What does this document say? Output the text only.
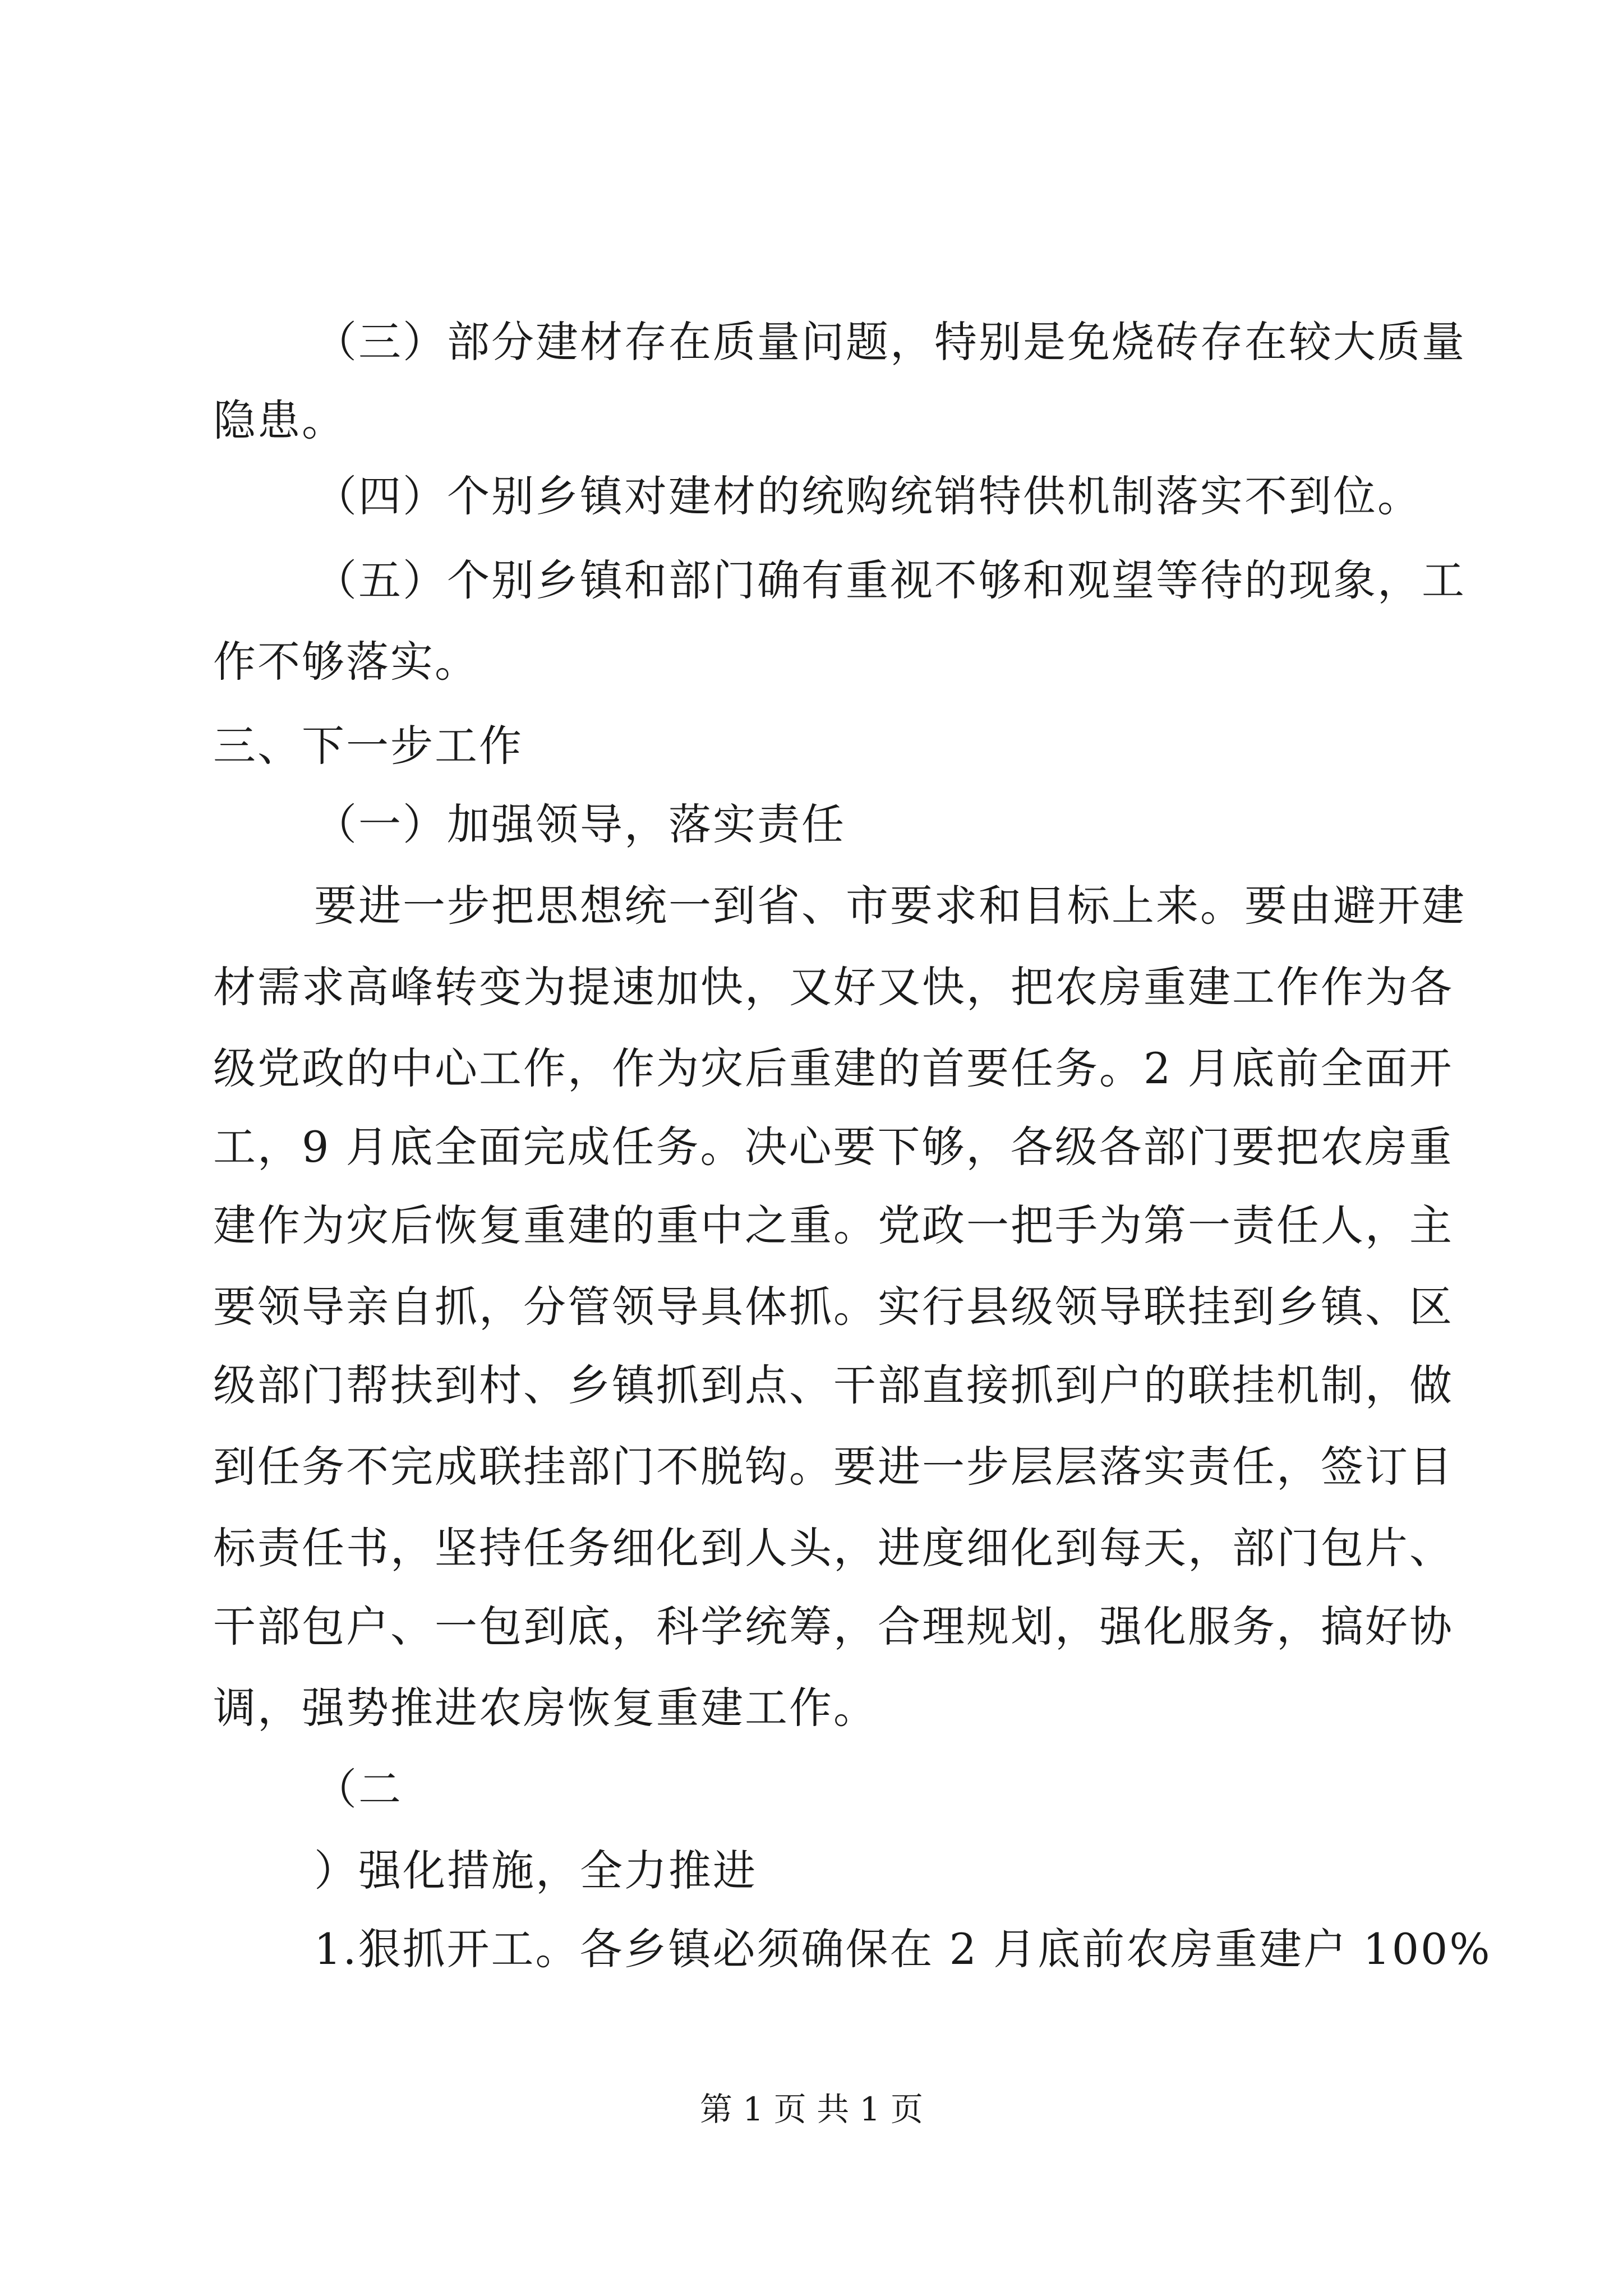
（三）部分建材存在质量问题，特别是免烧砖存在较大质量
隐患。
（四）个别乡镇对建材的统购统销特供机制落实不到位。
（五）个别乡镇和部门确有重视不够和观望等待的现象，工
作不够落实。
三、下一步工作
（一）加强领导，落实责任
要进一步把思想统一到省、市要求和目标上来。要由避开建
材需求高峰转变为提速加快，又好又快，把农房重建工作作为各
级党政的中心工作，作为灾后重建的首要任务。2 月底前全面开
工，9 月底全面完成任务。决心要下够，各级各部门要把农房重
建作为灾后恢复重建的重中之重。党政一把手为第一责任人，主
要领导亲自抓，分管领导具体抓。实行县级领导联挂到乡镇、区
级部门帮扶到村、乡镇抓到点、干部直接抓到户的联挂机制，做
到任务不完成联挂部门不脱钩。要进一步层层落实责任，签订目
标责任书，坚持任务细化到人头，进度细化到每天，部门包片、
干部包户、一包到底，科学统筹，合理规划，强化服务，搞好协
调，强势推进农房恢复重建工作。
（二
）强化措施，全力推进
1.狠抓开工。各乡镇必须确保在 2 月底前农房重建户 100%
第 1 页 共 1 页
